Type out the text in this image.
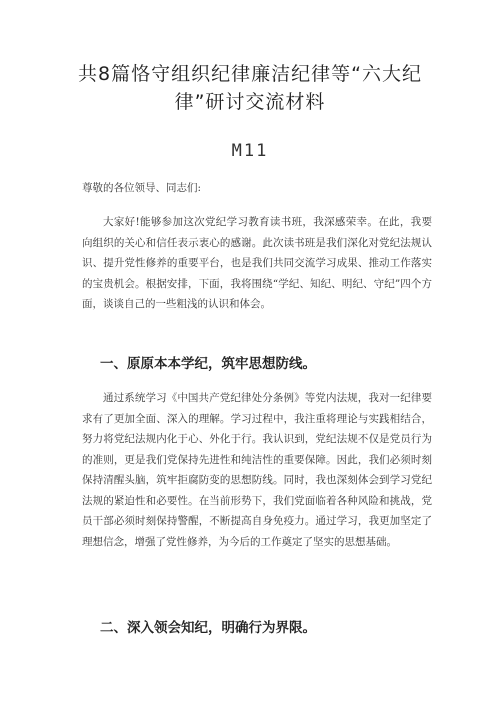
共8篇恪守组织纪律廉洁纪律等“六大纪律”研讨交流材料
M11
尊敬的各位领导、同志们:

大家好!能够参加这次党纪学习教育读书班，我深感荣幸。在此，我要向组织的关心和信任表示衷心的感谢。此次读书班是我们深化对党纪法规认识、提升党性修养的重要平台，也是我们共同交流学习成果、推动工作落实的宝贵机会。根据安排，下面，我将围绕“学纪、知纪、明纪、守纪”四个方面，谈谈自己的一些粗浅的认识和体会。

一、原原本本学纪，筑牢思想防线。

通过系统学习《中国共产党纪律处分条例》等党内法规，我对一纪律要求有了更加全面、深入的理解。学习过程中，我注重将理论与实践相结合，努力将党纪法规内化于心、外化于行。我认识到，党纪法规不仅是党员行为的准则，更是我们党保持先进性和纯洁性的重要保障。因此，我们必须时刻保持清醒头脑，筑牢拒腐防变的思想防线。同时，我也深刻体会到学习党纪法规的紧迫性和必要性。在当前形势下，我们党面临着各种风险和挑战，党员干部必须时刻保持警醒，不断提高自身免疫力。通过学习，我更加坚定了理想信念，增强了党性修养，为今后的工作奠定了坚实的思想基础。

二、深入领会知纪，明确行为界限。
